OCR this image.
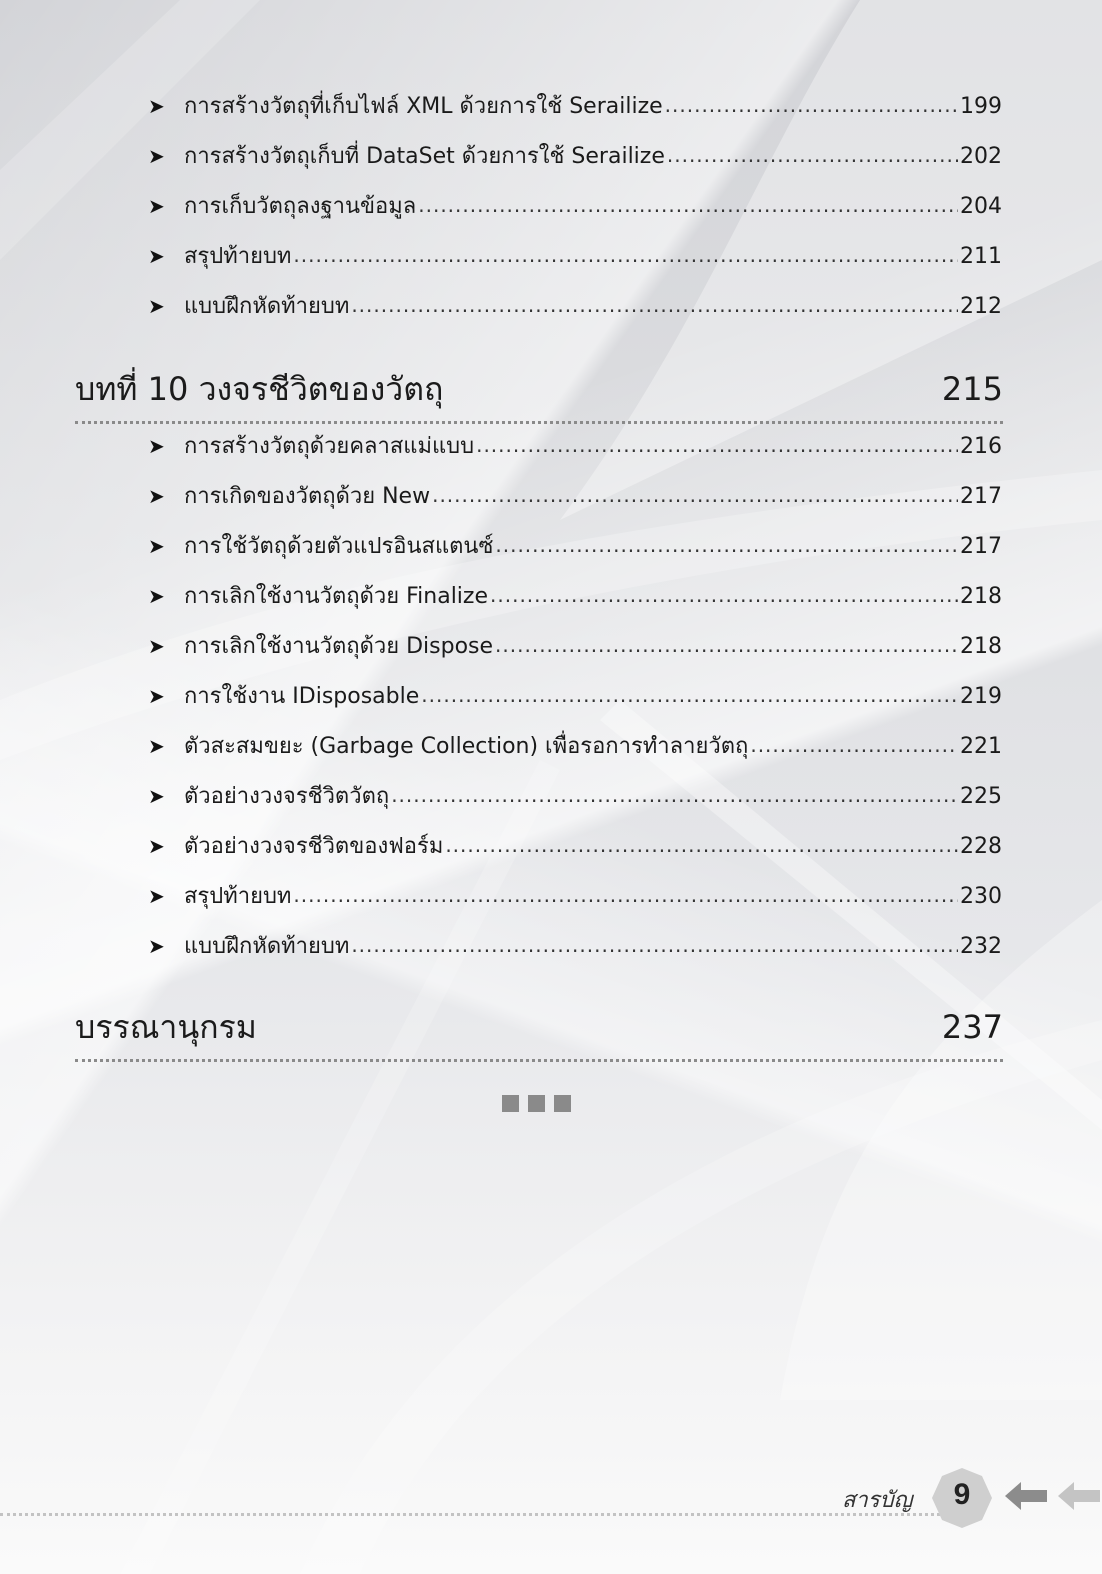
➤ การสร้างวัตถุที่เก็บไฟล์ XML ด้วยการใช้ Serailize .....	199
➤ การสร้างวัตถุเก็บที่ DataSet ด้วยการใช้ Serailize .....	202
➤ การเก็บวัตถุลงฐานข้อมูล .....	204
➤ สรุปท้ายบท .....	211
➤ แบบฝึกหัดท้ายบท .....	212
บทที่ 10 วงจรชีวิตของวัตถุ	215
➤ การสร้างวัตถุด้วยคลาสแม่แบบ .....	216
➤ การเกิดของวัตถุด้วย New .....	217
➤ การใช้วัตถุด้วยตัวแปรอินสแตนซ์ .....	217
➤ การเลิกใช้งานวัตถุด้วย Finalize .....	218
➤ การเลิกใช้งานวัตถุด้วย Dispose .....	218
➤ การใช้งาน IDisposable .....	219
➤ ตัวสะสมขยะ (Garbage Collection) เพื่อรอการทำลายวัตถุ .....	221
➤ ตัวอย่างวงจรชีวิตวัตถุ .....	225
➤ ตัวอย่างวงจรชีวิตของฟอร์ม .....	228
➤ สรุปท้ายบท .....	230
➤ แบบฝึกหัดท้ายบท .....	232
บรรณานุกรม	237
สารบัญ	9
